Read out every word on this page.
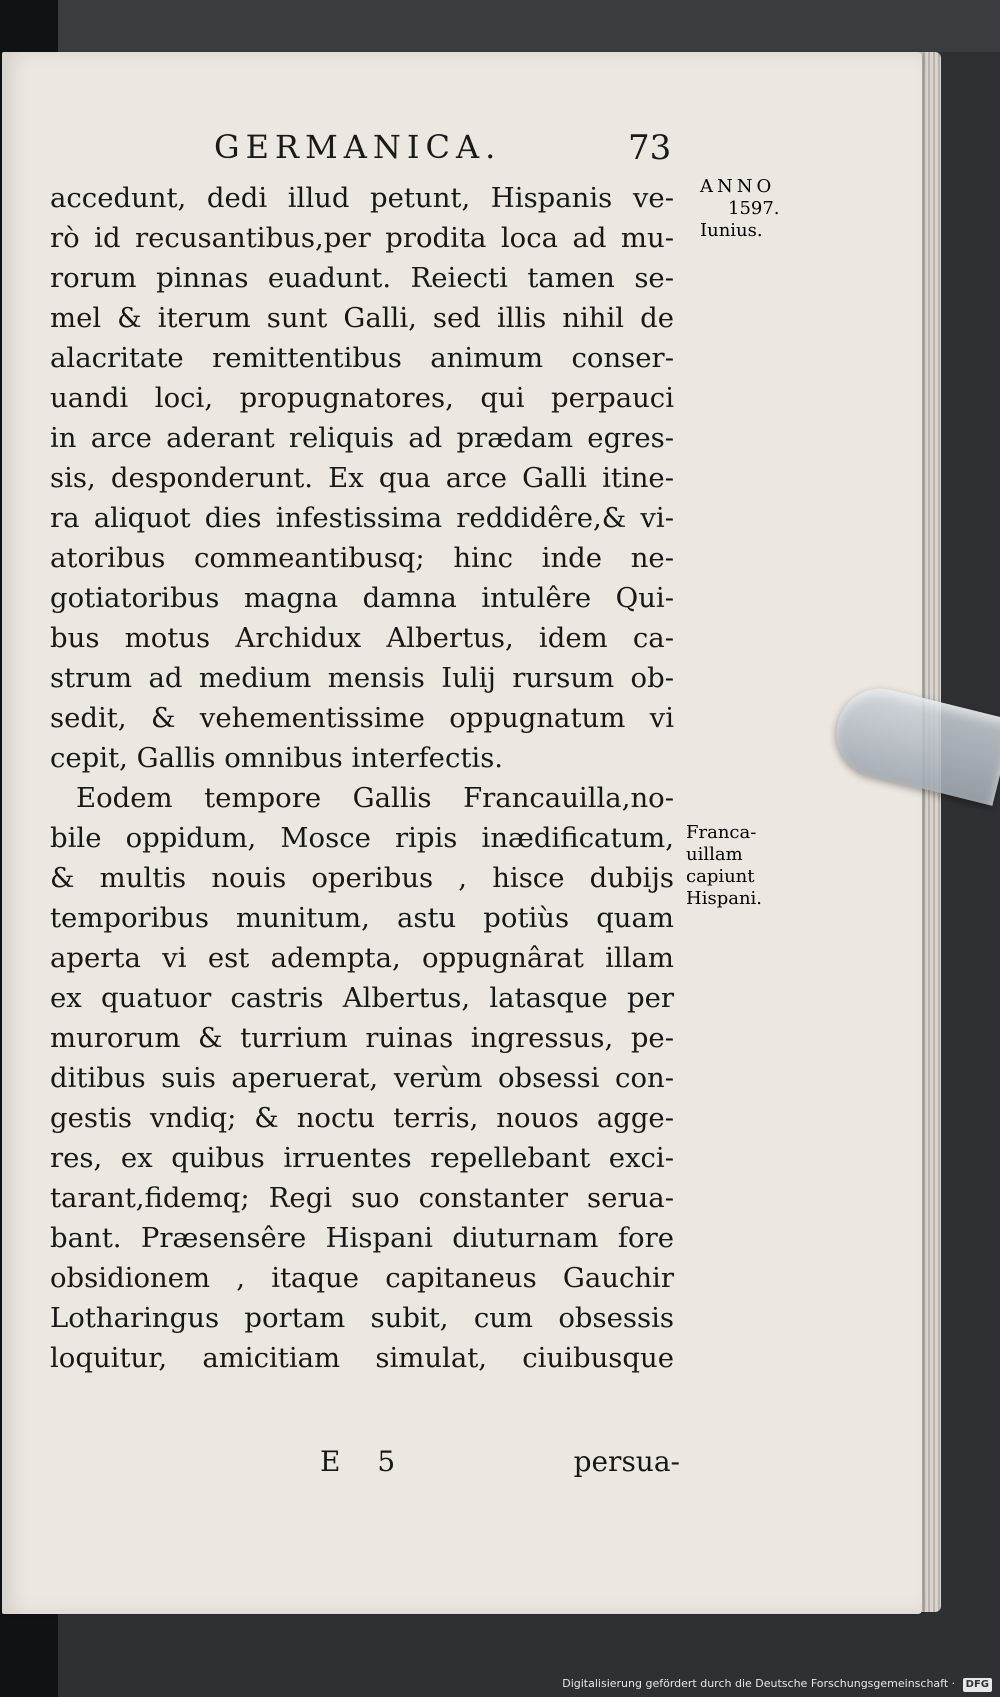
GERMANICA.	73
accedunt, dedi illud petunt, Hispanis ve-
rò id recusantibus,per prodita loca ad mu-
rorum pinnas euadunt. Reiecti tamen se-
mel & iterum sunt Galli, sed illis nihil de
alacritate remittentibus animum conser-
uandi loci, propugnatores, qui perpauci
in arce aderant reliquis ad prædam egres-
sis, desponderunt. Ex qua arce Galli itine-
ra aliquot dies infestissima reddidêre,& vi-
atoribus commeantibusq; hinc inde ne-
gotiatoribus magna damna intulêre Qui-
bus motus Archidux Albertus, idem ca-
strum ad medium mensis Iulij rursum ob-
sedit, & vehementissime oppugnatum vi
cepit, Gallis omnibus interfectis.
Eodem tempore Gallis Francauilla,no-
bile oppidum, Mosce ripis inædificatum,
& multis nouis operibus , hisce dubijs
temporibus munitum, astu potiùs quam
aperta vi est adempta, oppugnârat illam
ex quatuor castris Albertus, latasque per
murorum & turrium ruinas ingressus, pe-
ditibus suis aperuerat, verùm obsessi con-
gestis vndiq; & noctu terris, nouos agge-
res, ex quibus irruentes repellebant exci-
tarant,fidemq; Regi suo constanter serua-
bant. Præsensêre Hispani diuturnam fore
obsidionem , itaque capitaneus Gauchir
Lotharingus portam subit, cum obsessis
loquitur, amicitiam simulat, ciuibusque
ANNO
1597.
Iunius.
Franca-
uillam
capiunt
Hispani.
E 5	persua-
Digitalisierung gefördert durch die Deutsche Forschungsgemeinschaft · DFG
